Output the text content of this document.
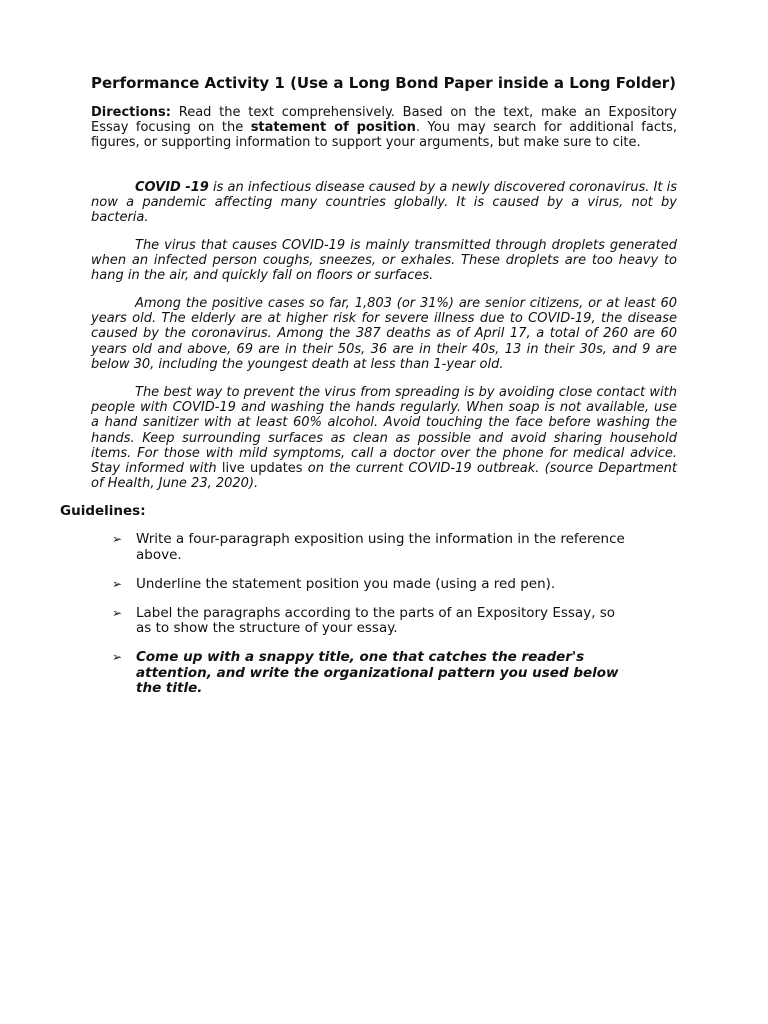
Performance Activity 1 (Use a Long Bond Paper inside a Long Folder)

Directions: Read the text comprehensively. Based on the text, make an Expository Essay focusing on the statement of position. You may search for additional facts, figures, or supporting information to support your arguments, but make sure to cite.

COVID -19 is an infectious disease caused by a newly discovered coronavirus. It is now a pandemic affecting many countries globally. It is caused by a virus, not by bacteria.

The virus that causes COVID-19 is mainly transmitted through droplets generated when an infected person coughs, sneezes, or exhales. These droplets are too heavy to hang in the air, and quickly fall on floors or surfaces.

Among the positive cases so far, 1,803 (or 31%) are senior citizens, or at least 60 years old. The elderly are at higher risk for severe illness due to COVID-19, the disease caused by the coronavirus. Among the 387 deaths as of April 17, a total of 260 are 60 years old and above, 69 are in their 50s, 36 are in their 40s, 13 in their 30s, and 9 are below 30, including the youngest death at less than 1-year old.

The best way to prevent the virus from spreading is by avoiding close contact with people with COVID-19 and washing the hands regularly. When soap is not available, use a hand sanitizer with at least 60% alcohol. Avoid touching the face before washing the hands. Keep surrounding surfaces as clean as possible and avoid sharing household items. For those with mild symptoms, call a doctor over the phone for medical advice. Stay informed with live updates on the current COVID-19 outbreak. (source Department of Health, June 23, 2020).

Guidelines:
➢ Write a four-paragraph exposition using the information in the reference above.
➢ Underline the statement position you made (using a red pen).
➢ Label the paragraphs according to the parts of an Expository Essay, so as to show the structure of your essay.
➢ Come up with a snappy title, one that catches the reader's attention, and write the organizational pattern you used below the title.
